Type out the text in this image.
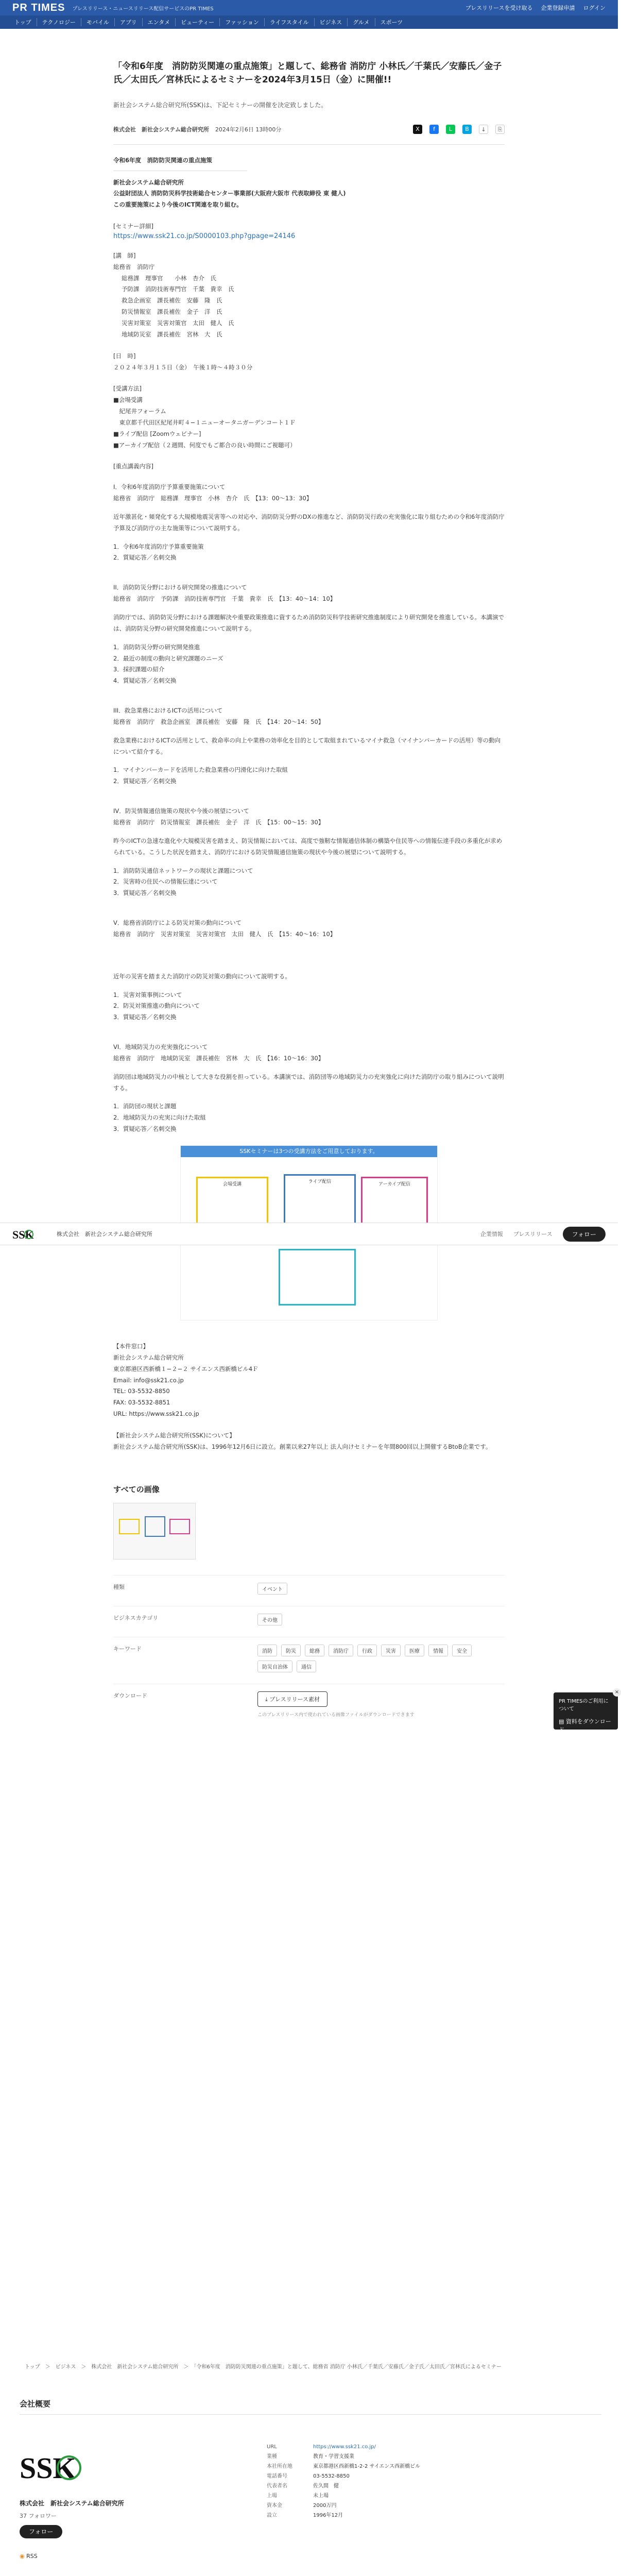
PR TIMES プレスリリース・ニュースリリース配信サービスのPR TIMES	プレスリリースを受け取る 企業登録申請 ログイン
トップ	テクノロジー	モバイル	アプリ	エンタメ	ビューティー	ファッション	ライフスタイル	ビジネス	グルメ	スポーツ
「令和6年度　消防防災関連の重点施策」と題して、総務省 消防庁 小林氏／千葉氏／安藤氏／金子氏／太田氏／宮林氏によるセミナーを2024年3月15日（金）に開催!!

新社会システム総合研究所(SSK)は、下記セミナーの開催を決定致しました。

株式会社　新社会システム総合研究所 2024年2月6日 13時00分	X	f	L	B	↓	⎘
令和6年度　消防防災関連の重点施策
新社会システム総合研究所
公益財団法人 消防防災科学技術総合センター事業部(大阪府大阪市 代表取締役 東 健人)
この重要施策により今後のICT関連を取り組む。
[セミナー詳細]
https://www.ssk21.co.jp/S0000103.php?gpage=24146
[講　師]
総務省　消防庁
総務課　理事官　　小林　杏介　氏
予防課　消防技術専門官　千葉　貴幸　氏
救急企画室　課長補佐　安藤　隆　氏
防災情報室　課長補佐　金子　洋　氏
災害対策室　災害対策官　太田　健人　氏
地域防災室　課長補佐　宮林　大　氏
[日　時]
２０２４年３月１５日（金）　午後１時〜４時３０分
[受講方法]
■会場受講
　紀尾井フォーラム
　東京都千代田区紀尾井町４−１ニューオータニガーデンコート１Ｆ
■ライブ配信 [Zoomウェビナー]
■アーカイブ配信（２週間、何度でもご都合の良い時間にご視聴可）
[重点講義内容]
I．令和6年度消防庁予算重要施策について
総務省　消防庁　総務課　理事官　小林　杏介　氏　【13：00〜13：30】

近年激甚化・頻発化する大規模地震災害等への対応や、消防防災分野のDXの推進など、消防防災行政の充実強化に取り組むための令和6年度消防庁予算及び消防庁の主な施策等について説明する。

1．令和6年度消防庁予算重要施策
2．質疑応答／名刺交換
II．消防防災分野における研究開発の推進について
総務省　消防庁　予防課　消防技術専門官　千葉　貴幸　氏　【13：40〜14：10】

消防庁では、消防防災分野における課題解決や重要政策推進に資するため消防防災科学技術研究推進制度により研究開発を推進している。本講演では、消防防災分野の研究開発推進について説明する。

1．消防防災分野の研究開発推進
2．最近の制度の動向と研究課題のニーズ
3．採択課題の紹介
4．質疑応答／名刺交換
III．救急業務におけるICTの活用について
総務省　消防庁　救急企画室　課長補佐　安藤　隆　氏　【14：20〜14：50】

救急業務におけるICTの活用として、救命率の向上や業務の効率化を目的として取組まれているマイナ救急（マイナンバーカードの活用）等の動向について紹介する。

1．マイナンバーカードを活用した救急業務の円滑化に向けた取組
2．質疑応答／名刺交換
IV．防災情報通信施策の現状や今後の展望について
総務省　消防庁　防災情報室　課長補佐　金子　洋　氏　【15：00〜15：30】

昨今のICTの急速な進化や大規模災害を踏まえ、防災情報においては、高度で強靭な情報通信体制の構築や住民等への情報伝達手段の多重化が求められている。こうした状況を踏まえ、消防庁における防災情報通信施策の現状や今後の展望について説明する。

1．消防防災通信ネットワークの現状と課題について
2．災害時の住民への情報伝達について
3．質疑応答／名刺交換
V．総務省消防庁による防災対策の動向について
総務省　消防庁　災害対策室　災害対策官　太田　健人　氏　【15：40〜16：10】

近年の災害を踏まえた消防庁の防災対策の動向について説明する。

1．災害対策事例について
2．防災対策推進の動向について
3．質疑応答／名刺交換
VI．地域防災力の充実強化について
総務省　消防庁　地域防災室　課長補佐　宮林　大　氏　【16：10〜16：30】

消防団は地域防災力の中核として大きな役割を担っている。本講演では、消防団等の地域防災力の充実強化に向けた消防庁の取り組みについて説明する。

1．消防団の現状と課題
2．地域防災力の充実に向けた取組
3．質疑応答／名刺交換
SSKセミナーは3つの受講方法をご用意しております。
会場受講	ライブ配信	アーカイブ配信
【本件窓口】
新社会システム総合研究所
東京都港区西新橋１−２−２ サイエンス西新橋ビル4Ｆ
Email: info@ssk21.co.jp
TEL: 03-5532-8850
FAX: 03-5532-8851
URL: https://www.ssk21.co.jp
【新社会システム総合研究所(SSK)について】

新社会システム総合研究所(SSK)は、1996年12月6日に設立。創業以来27年以上 法人向けセミナーを年間800回以上開催するBtoB企業です。

すべての画像
種類	イベント
ビジネスカテゴリ	その他
キーワード	消防 防災 総務 消防庁 行政 災害 医療 情報 安全防災自治体 通信
ダウンロード	⤓ プレスリリース素材
このプレスリリース内で使われている画像ファイルがダウンロードできます
SSK	株式会社　新社会システム総合研究所	企業情報 プレスリリース	フォロー
×
PR TIMESのご利用について
▤ 資料をダウンロード
トップ　＞　ビジネス　＞　株式会社　新社会システム総合研究所　＞　「令和6年度　消防防災関連の重点施策」と題して、総務省 消防庁 小林氏／千葉氏／安藤氏／金子氏／太田氏／宮林氏によるセミナー
会社概要
SSK
株式会社　新社会システム総合研究所
37 フォロワー
フォロー
◉ RSS
URL	https://www.ssk21.co.jp/
業種	教育・学習支援業
本社所在地	東京都港区西新橋1-2-2 サイエンス西新橋ビル
電話番号	03-5532-8850
代表者名	佐久間　健
上場	未上場
資本金	2000万円
設立	1996年12月
